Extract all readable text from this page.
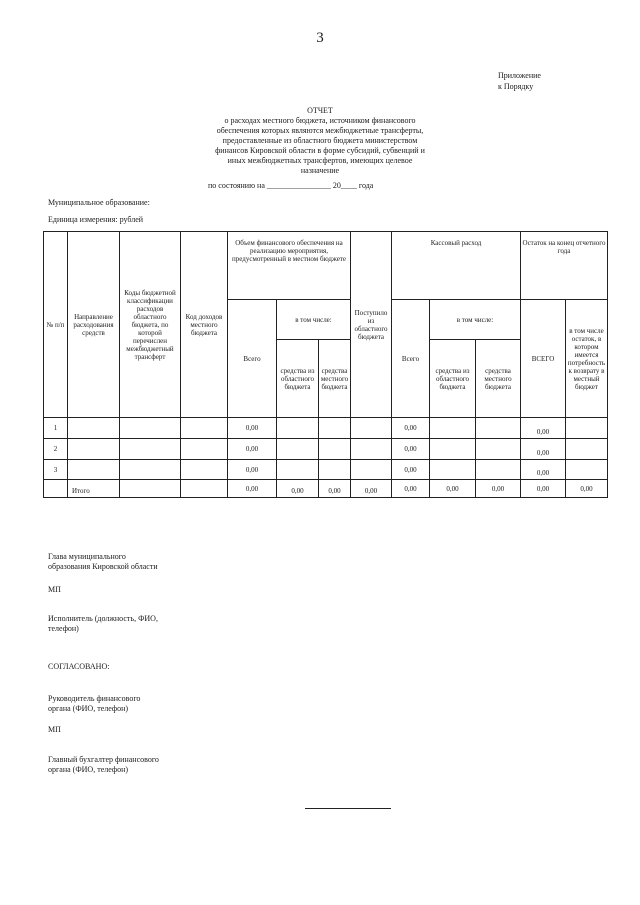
3
Приложение
к Порядку
ОТЧЕТ
о расходах местного бюджета, источником финансового
обеспечения которых являются межбюджетные трансферты,
предоставленные из областного бюджета министерством
финансов Кировской области в форме субсидий, субвенций и
иных межбюджетных трансфертов, имеющих целевое
назначение
по состоянию на ________________ 20____ года
Муниципальное образование:
Единица измерения: рублей
№ п/п	Направление расходования средств	Коды бюджетной классификации расходов областного бюджета, по которой перечислен межбюджетный трансферт	Код доходов местного бюджета	Объем финансового обеспечения на реализацию мероприятия, предусмотренный в местном бюджете			Поступило из областного бюджета	Кассовый расход			Остаток на конец отчетного года	
				Всего	в том числе:			Всего	в том числе:		ВСЕГО	в том числе остаток, в котором имеется потребность к возврату в местный бюджет
					средства из областного бюджета	средства местного бюджета			средства из областного бюджета	средства местного бюджета		
1				0,00				0,00			0,00	
2				0,00				0,00			0,00	
3				0,00				0,00			0,00	
	Итого			0,00	0,00	0,00	0,00	0,00	0,00	0,00	0,00	0,00
Глава муниципального
образования Кировской области
МП
Исполнитель (должность, ФИО,
телефон)
СОГЛАСОВАНО:
Руководитель финансового
органа (ФИО, телефон)
МП
Главный бухгалтер финансового
органа (ФИО, телефон)
